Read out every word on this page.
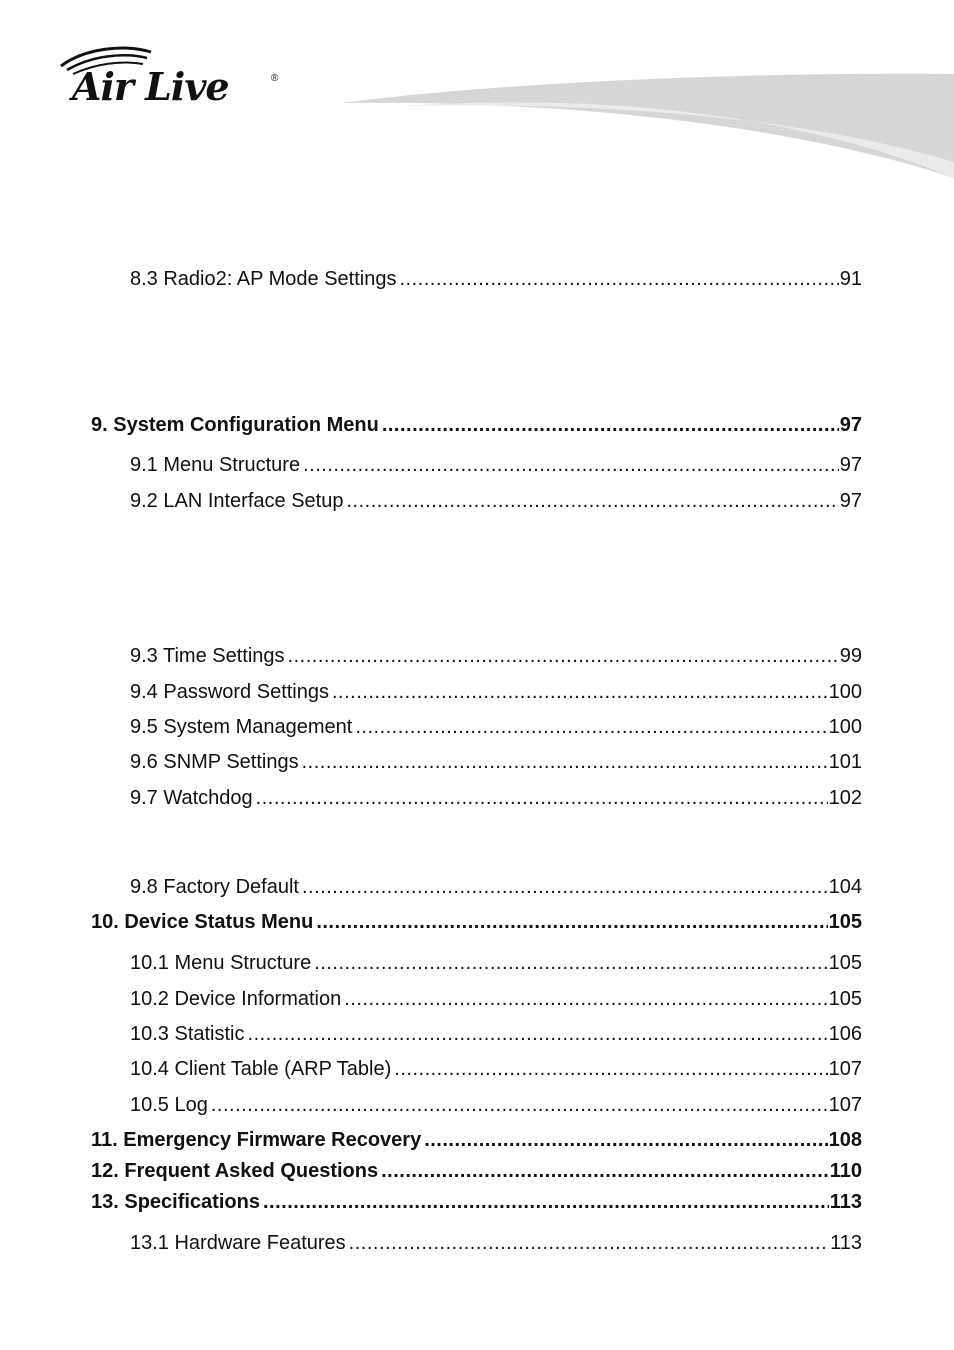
Air Live	®
8.3 Radio2: AP Mode Settings .....	91
9. System Configuration Menu .....	97
9.1 Menu Structure .....	97
9.2 LAN Interface Setup .....	97
9.3 Time Settings .....	99
9.4 Password Settings .....	100
9.5 System Management .....	100
9.6 SNMP Settings .....	101
9.7 Watchdog .....	102
9.8 Factory Default .....	104
10. Device Status Menu .....	105
10.1 Menu Structure .....	105
10.2 Device Information .....	105
10.3 Statistic .....	106
10.4 Client Table (ARP Table) .....	107
10.5 Log .....	107
11. Emergency Firmware Recovery .....	108
12. Frequent Asked Questions .....	110
13. Specifications .....	113
13.1 Hardware Features .....	113
